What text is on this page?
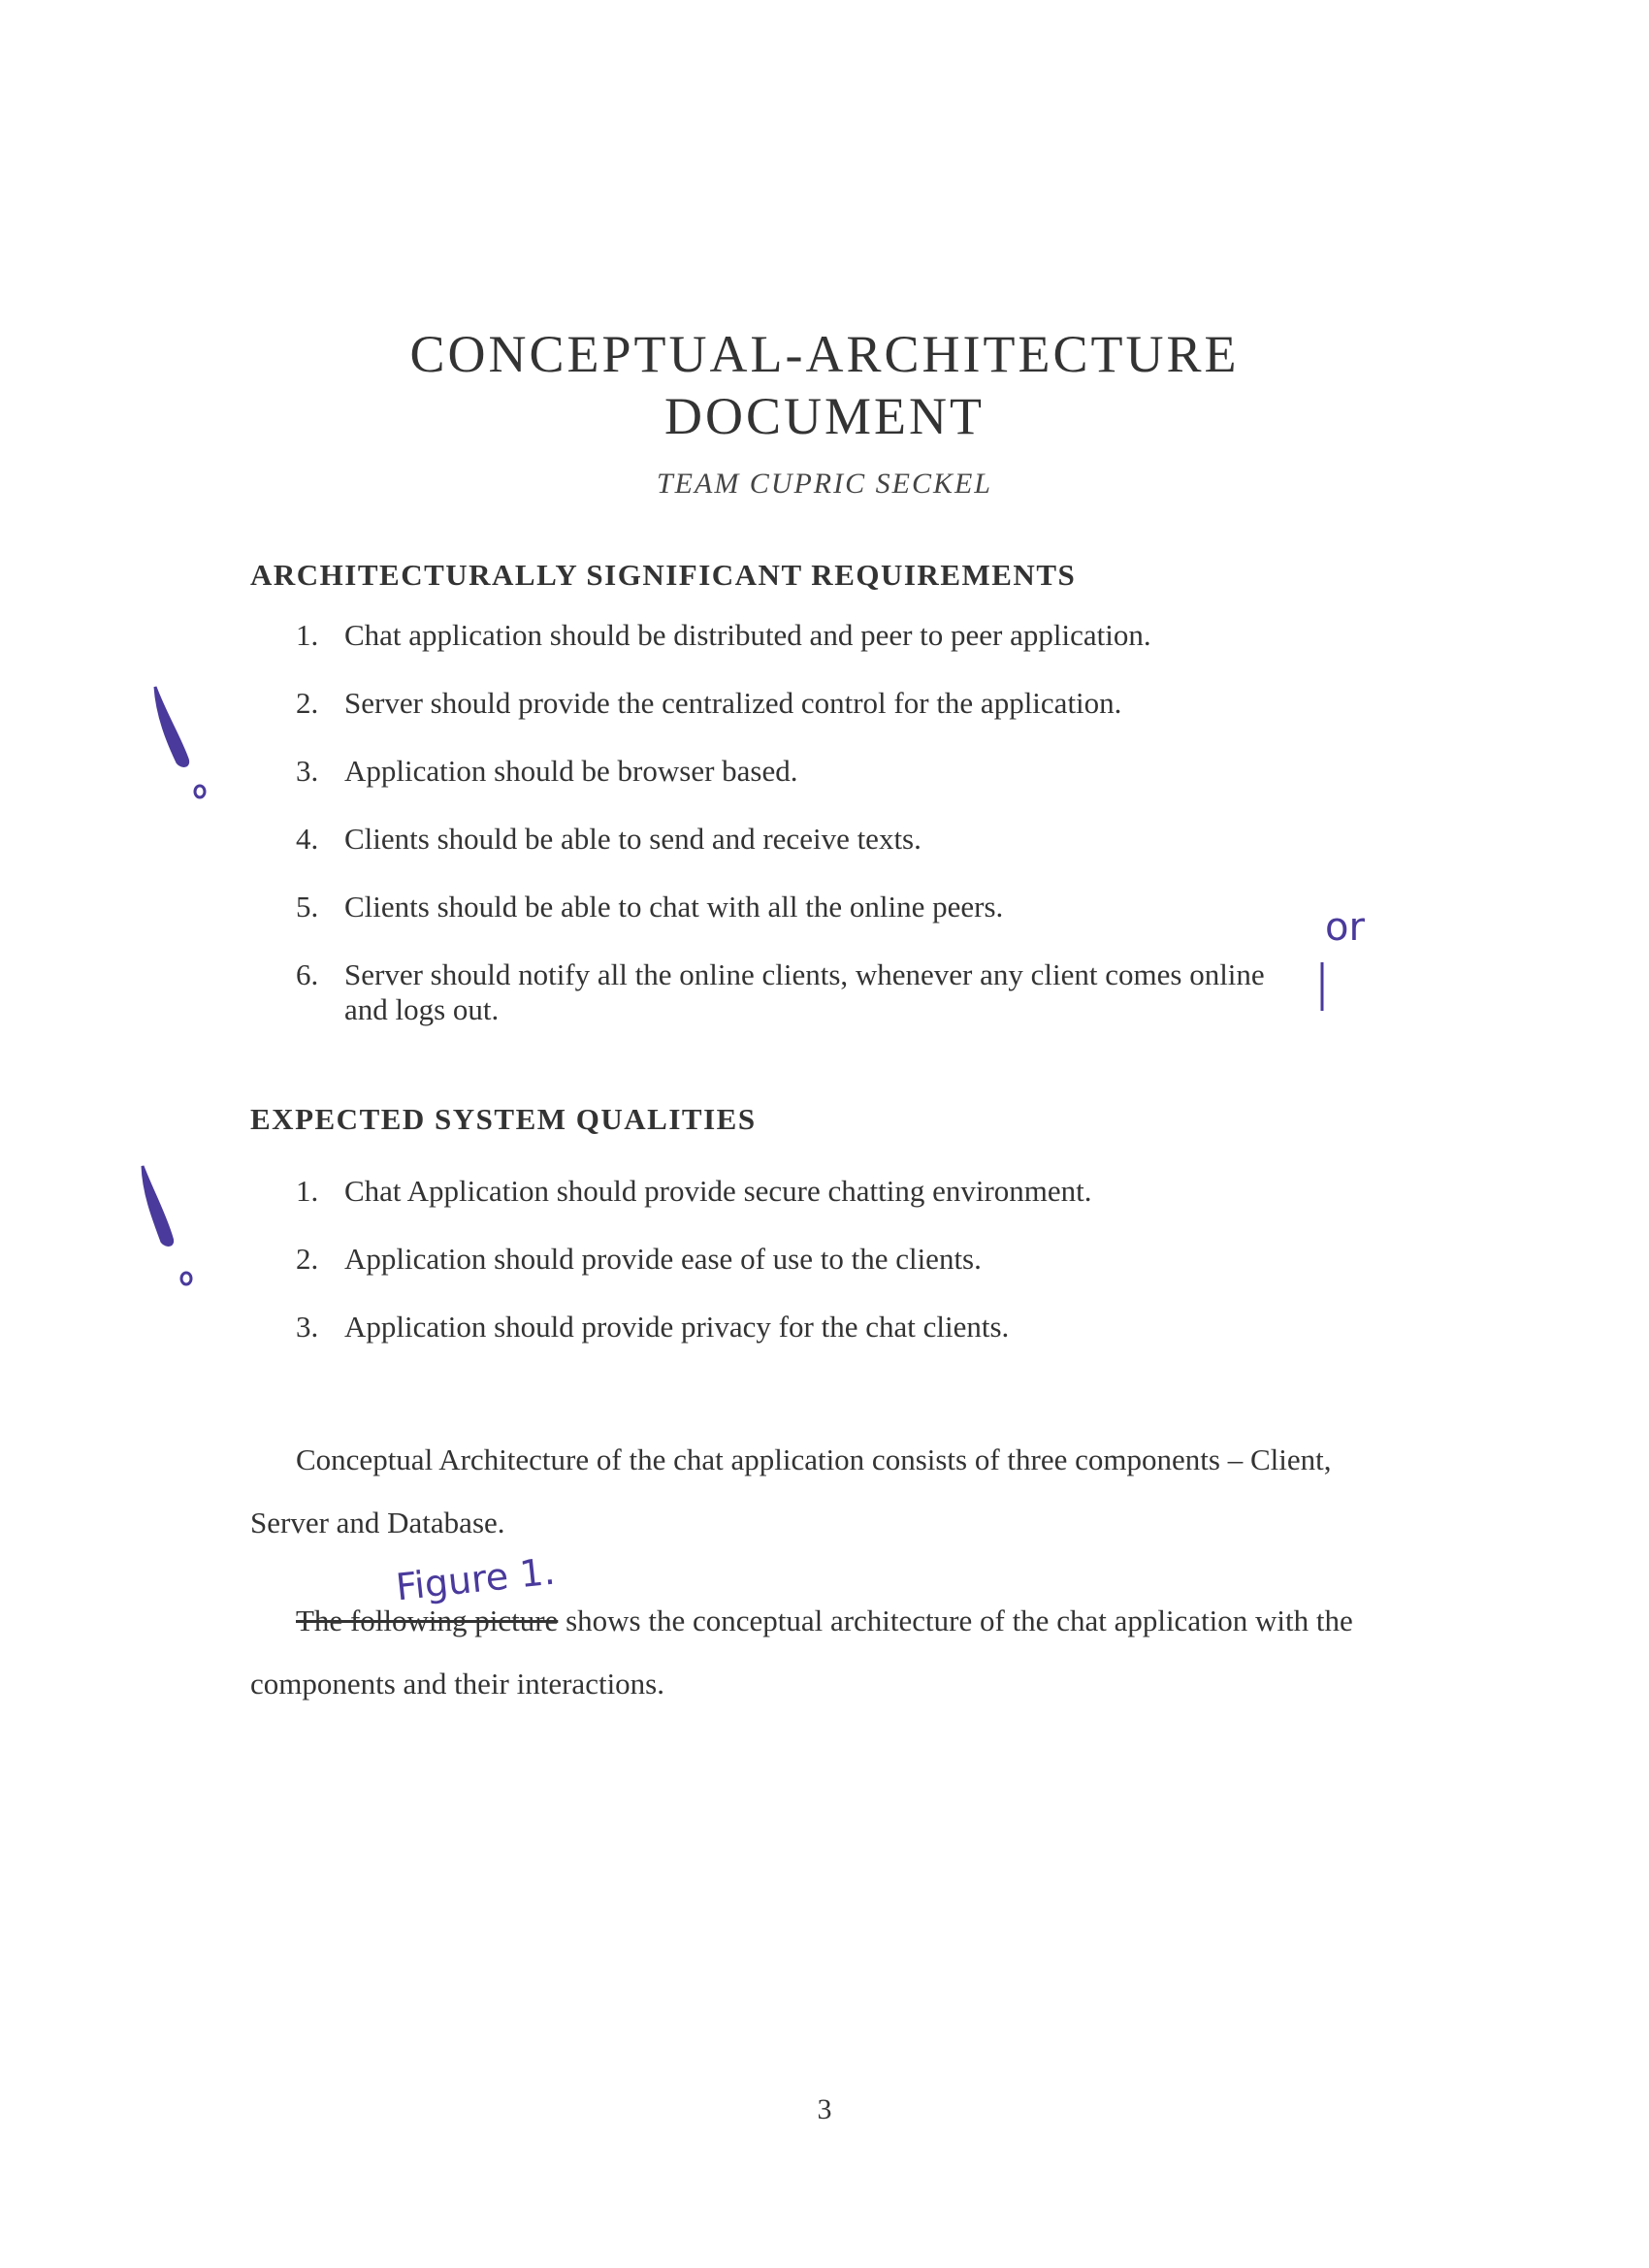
CONCEPTUAL-ARCHITECTURE
DOCUMENT
TEAM CUPRIC SECKEL
ARCHITECTURALLY SIGNIFICANT REQUIREMENTS
1. Chat application should be distributed and peer to peer application.
2. Server should provide the centralized control for the application.
3. Application should be browser based.
4. Clients should be able to send and receive texts.
5. Clients should be able to chat with all the online peers.
6. Server should notify all the online clients, whenever any client comes online and logs out.
EXPECTED SYSTEM QUALITIES
1. Chat Application should provide secure chatting environment.
2. Application should provide ease of use to the clients.
3. Application should provide privacy for the chat clients.
Conceptual Architecture of the chat application consists of three components – Client,
Server and Database.
The following picture shows the conceptual architecture of the chat application with the
components and their interactions.
or
Figure 1.
3
